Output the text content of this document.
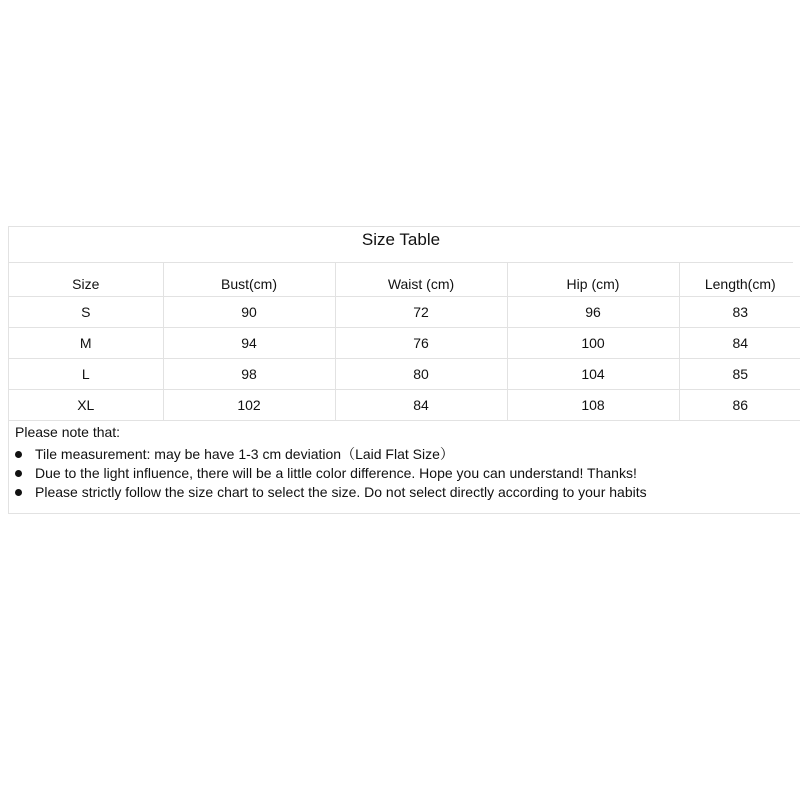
Size Table
Size	Bust(cm)	Waist (cm)	Hip (cm)	Length(cm)
S	90	72	96	83
M	94	76	100	84
L	98	80	104	85
XL	102	84	108	86
Please note that:
Tile measurement: may be have 1-3 cm deviation（Laid Flat Size）
Due to the light influence, there will be a little color difference. Hope you can understand! Thanks!
Please strictly follow the size chart to select the size. Do not select directly according to your habits
